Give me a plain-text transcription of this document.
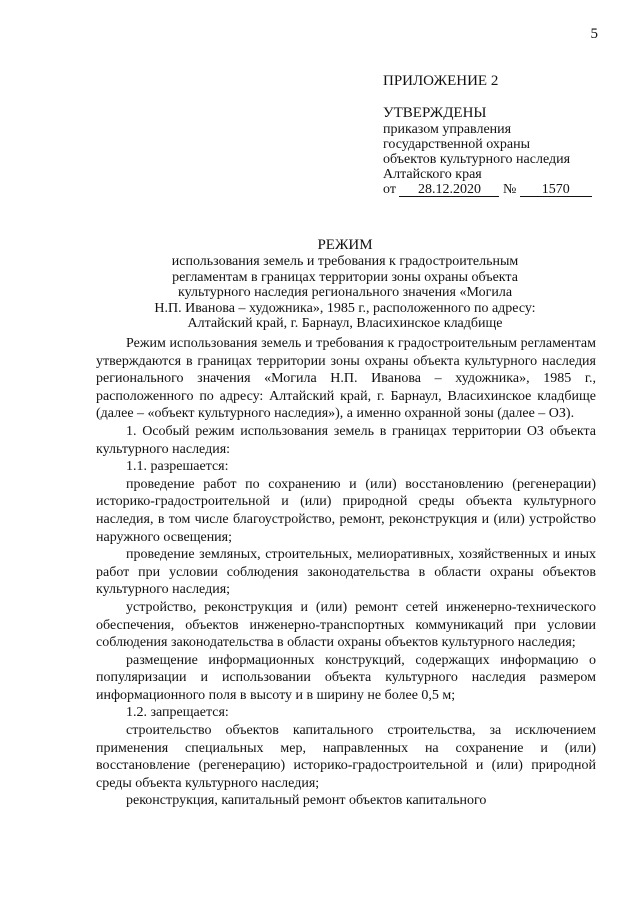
5
ПРИЛОЖЕНИЕ 2
УТВЕРЖДЕНЫ
приказом управления
государственной охраны
объектов культурного наследия
Алтайского края
от 28.12.2020 № 1570
РЕЖИМ
использования земель и требования к градостроительным
регламентам в границах территории зоны охраны объекта
культурного наследия регионального значения «Могила
Н.П. Иванова – художника», 1985 г., расположенного по адресу:
Алтайский край, г. Барнаул, Власихинское кладбище

Режим использования земель и требования к градостроительным регламентам утверждаются в границах территории зоны охраны объекта культурного наследия регионального значения «Могила Н.П. Иванова – художника», 1985 г., расположенного по адресу: Алтайский край, г. Барнаул, Власихинское кладбище (далее – «объект культурного наследия»), а именно охранной зоны (далее – ОЗ).

1. Особый режим использования земель в границах территории ОЗ объекта культурного наследия:

1.1. разрешается:

проведение работ по сохранению и (или) восстановлению (регенерации) историко-градостроительной и (или) природной среды объекта культурного наследия, в том числе благоустройство, ремонт, реконструкция и (или) устройство наружного освещения;

проведение земляных, строительных, мелиоративных, хозяйственных и иных работ при условии соблюдения законодательства в области охраны объектов культурного наследия;

устройство, реконструкция и (или) ремонт сетей инженерно-технического обеспечения, объектов инженерно-транспортных коммуникаций при условии соблюдения законодательства в области охраны объектов культурного наследия;

размещение информационных конструкций, содержащих информацию о популяризации и использовании объекта культурного наследия размером информационного поля в высоту и в ширину не более 0,5 м;

1.2. запрещается:

строительство объектов капитального строительства, за исключением применения специальных мер, направленных на сохранение и (или) восстановление (регенерацию) историко-градостроительной и (или) природной среды объекта культурного наследия;

реконструкция, капитальный ремонт объектов капитального
